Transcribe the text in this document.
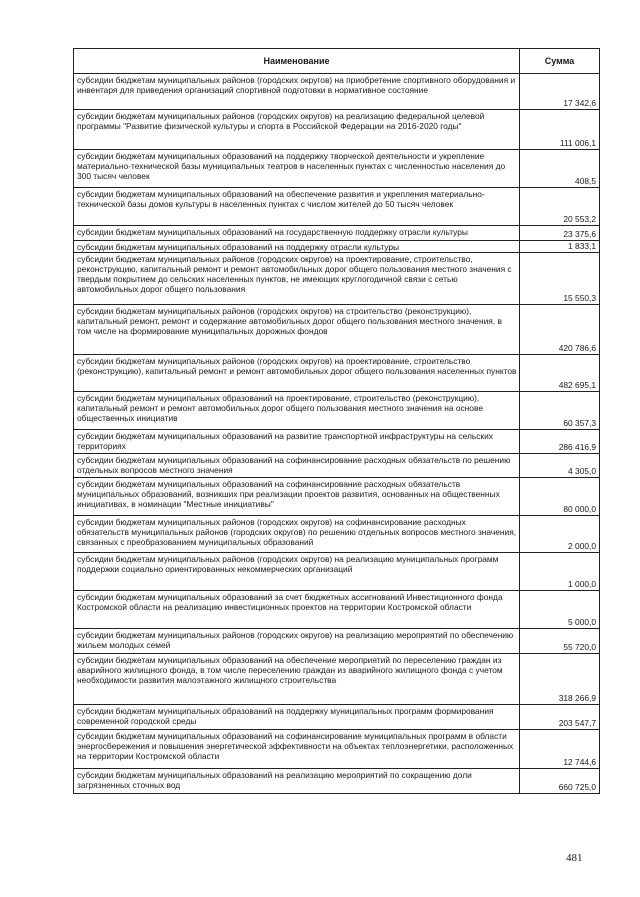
Наименование	Сумма
субсидии бюджетам муниципальных районов (городских округов) на приобретение спортивного оборудования и инвентаря для приведения организаций спортивной подготовки в нормативное состояние	17 342,6
субсидии бюджетам муниципальных районов (городских округов) на реализацию федеральной целевой программы "Развитие физической культуры и спорта в Российской Федерации на 2016-2020 годы"	111 006,1
субсидии бюджетам муниципальных образований на поддержку творческой деятельности и укрепление материально-технической базы муниципальных театров в населенных пунктах с численностью населения до 300 тысяч человек	408,5
субсидии бюджетам муниципальных образований на обеспечение развития и укрепления материально-технической базы домов культуры в населенных пунктах с числом жителей до 50 тысяч человек	20 553,2
субсидии бюджетам муниципальных образований на государственную поддержку отрасли культуры	23 375,6
субсидии бюджетам муниципальных образований на поддержку отрасли культуры	1 833,1
субсидии бюджетам муниципальных районов (городских округов) на проектирование, строительство, реконструкцию, капитальный ремонт и ремонт автомобильных дорог общего пользования местного значения с твердым покрытием до сельских населенных пунктов, не имеющих круглогодичной связи с сетью автомобильных дорог общего пользования	15 550,3
субсидии бюджетам муниципальных районов (городских округов) на строительство (реконструкцию), капитальный ремонт, ремонт и содержание автомобильных дорог общего пользования местного значения, в том числе на формирование муниципальных дорожных фондов	420 786,6
субсидии бюджетам муниципальных районов (городских округов) на проектирование, строительство (реконструкцию), капитальный ремонт и ремонт автомобильных дорог общего пользования населенных пунктов	482 695,1
субсидии бюджетам муниципальных образований на проектирование, строительство (реконструкцию), капитальный ремонт и ремонт автомобильных дорог общего пользования местного значения на основе общественных инициатив	60 357,3
субсидии бюджетам муниципальных образований на развитие транспортной инфраструктуры на сельских территориях	286 416,9
субсидии бюджетам муниципальных образований на софинансирование расходных обязательств по решению отдельных вопросов местного значения	4 305,0
субсидии бюджетам муниципальных образований на софинансирование расходных обязательств муниципальных образований, возникших при реализации проектов развития, основанных на общественных инициативах, в номинации "Местные инициативы"	80 000,0
субсидии бюджетам муниципальных районов (городских округов) на софинансирование расходных обязательств муниципальных районов (городских округов) по решению отдельных вопросов местного значения, связанных с преобразованием муниципальных образований	2 000,0
субсидии бюджетам муниципальных районов (городских округов) на реализацию муниципальных программ поддержки социально ориентированных некоммерческих организаций	1 000,0
субсидии бюджетам муниципальных образований за счет бюджетных ассигнований Инвестиционного фонда Костромской области на реализацию инвестиционных проектов на территории Костромской области	5 000,0
субсидии бюджетам муниципальных районов (городских округов) на реализацию мероприятий по обеспечению жильем молодых семей	55 720,0
субсидии бюджетам муниципальных образований на обеспечение мероприятий по переселению граждан из аварийного жилищного фонда, в том числе переселению граждан из аварийного жилищного фонда с учетом необходимости развития малоэтажного жилищного строительства	318 266,9
субсидии бюджетам муниципальных образований на поддержку муниципальных программ формирования современной городской среды	203 547,7
субсидии бюджетам муниципальных образований на софинансирование муниципальных программ в области энергосбережения и повышения энергетической эффективности на объектах теплоэнергетики, расположенных на территории Костромской области	12 744,6
субсидии бюджетам муниципальных образований на реализацию мероприятий по сокращению доли загрязненных сточных вод	660 725,0
481
